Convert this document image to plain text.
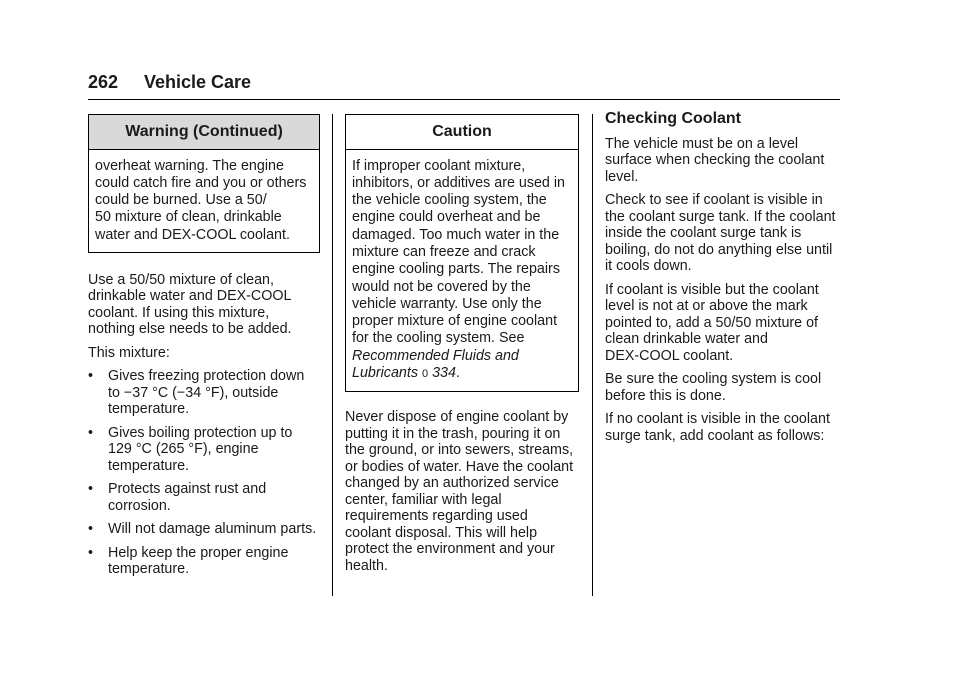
262 Vehicle Care
Warning (Continued)
overheat warning. The engine
could catch fire and you or others
could be burned. Use a 50/
50 mixture of clean, drinkable
water and DEX-COOL coolant.

Use a 50/50 mixture of clean,
drinkable water and DEX-COOL
coolant. If using this mixture,
nothing else needs to be added.

This mixture:

• Gives freezing protection down
to −37 °C (−34 °F), outside
temperature.
• Gives boiling protection up to
129 °C (265 °F), engine
temperature.
• Protects against rust and
corrosion.
• Will not damage aluminum parts.
• Help keep the proper engine
temperature.
Caution
If improper coolant mixture,
inhibitors, or additives are used in
the vehicle cooling system, the
engine could overheat and be
damaged. Too much water in the
mixture can freeze and crack
engine cooling parts. The repairs
would not be covered by the
vehicle warranty. Use only the
proper mixture of engine coolant
for the cooling system. See
Recommended Fluids and
Lubricants 0 334.

Never dispose of engine coolant by
putting it in the trash, pouring it on
the ground, or into sewers, streams,
or bodies of water. Have the coolant
changed by an authorized service
center, familiar with legal
requirements regarding used
coolant disposal. This will help
protect the environment and your
health.

Checking Coolant

The vehicle must be on a level
surface when checking the coolant
level.

Check to see if coolant is visible in
the coolant surge tank. If the coolant
inside the coolant surge tank is
boiling, do not do anything else until
it cools down.

If coolant is visible but the coolant
level is not at or above the mark
pointed to, add a 50/50 mixture of
clean drinkable water and
DEX-COOL coolant.

Be sure the cooling system is cool
before this is done.

If no coolant is visible in the coolant
surge tank, add coolant as follows:
